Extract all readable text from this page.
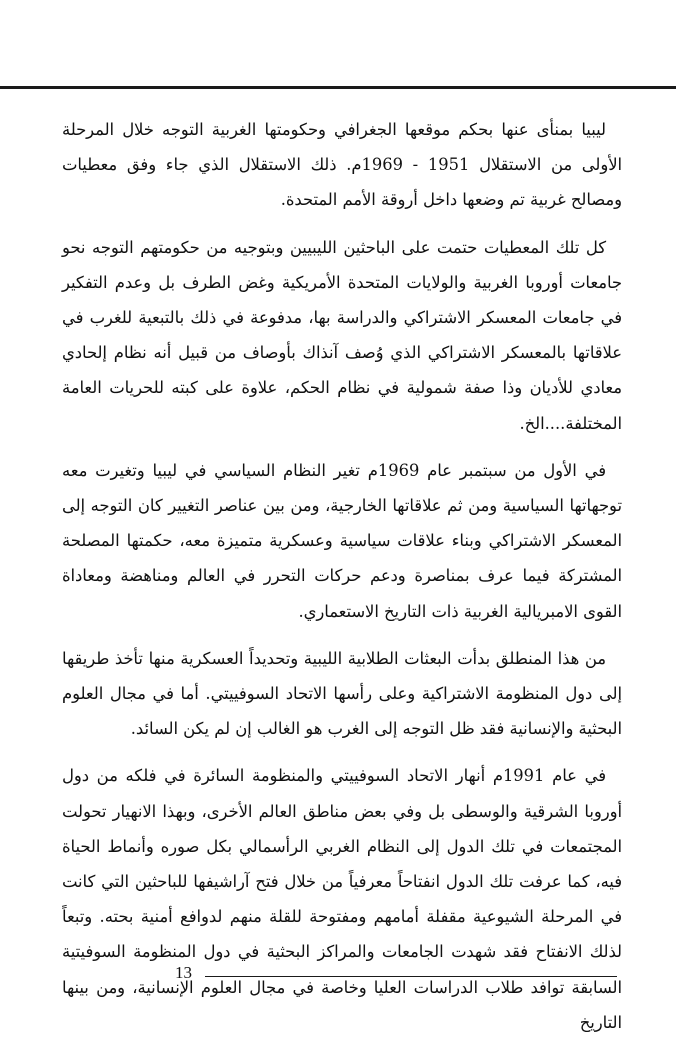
ليبيا بمنأى عنها بحكم موقعها الجغرافي وحكومتها الغربية التوجه خلال المرحلة الأولى من الاستقلال 1951 - 1969م. ذلك الاستقلال الذي جاء وفق معطيات ومصالح غربية تم وضعها داخل أروقة الأمم المتحدة.

كل تلك المعطيات حتمت على الباحثين الليبيين وبتوجيه من حكومتهم التوجه نحو جامعات أوروبا الغربية والولايات المتحدة الأمريكية وغض الطرف بل وعدم التفكير في جامعات المعسكر الاشتراكي والدراسة بها، مدفوعة في ذلك بالتبعية للغرب في علاقاتها بالمعسكر الاشتراكي الذي وُصف آنذاك بأوصاف من قبيل أنه نظام إلحادي معادي للأديان وذا صفة شمولية في نظام الحكم، علاوة على كبته للحريات العامة المختلفة....الخ.

في الأول من سبتمبر عام 1969م تغير النظام السياسي في ليبيا وتغيرت معه توجهاتها السياسية ومن ثم علاقاتها الخارجية، ومن بين عناصر التغيير كان التوجه إلى المعسكر الاشتراكي وبناء علاقات سياسية وعسكرية متميزة معه، حكمتها المصلحة المشتركة فيما عرف بمناصرة ودعم حركات التحرر في العالم ومناهضة ومعاداة القوى الامبريالية الغربية ذات التاريخ الاستعماري.

من هذا المنطلق بدأت البعثات الطلابية الليبية وتحديداً العسكرية منها تأخذ طريقها إلى دول المنظومة الاشتراكية وعلى رأسها الاتحاد السوفييتي. أما في مجال العلوم البحثية والإنسانية فقد ظل التوجه إلى الغرب هو الغالب إن لم يكن السائد.

في عام 1991م أنهار الاتحاد السوفييتي والمنظومة السائرة في فلكه من دول أوروبا الشرقية والوسطى بل وفي بعض مناطق العالم الأخرى، وبهذا الانهيار تحولت المجتمعات في تلك الدول إلى النظام الغربي الرأسمالي بكل صوره وأنماط الحياة فيه، كما عرفت تلك الدول انفتاحاً معرفياً من خلال فتح آراشيفها للباحثين التي كانت في المرحلة الشيوعية مقفلة أمامهم ومفتوحة للقلة منهم لدوافع أمنية بحته. وتبعاً لذلك الانفتاح فقد شهدت الجامعات والمراكز البحثية في دول المنظومة السوفيتية السابقة توافد طلاب الدراسات العليا وخاصة في مجال العلوم الإنسانية، ومن بينها التاريخ

13
